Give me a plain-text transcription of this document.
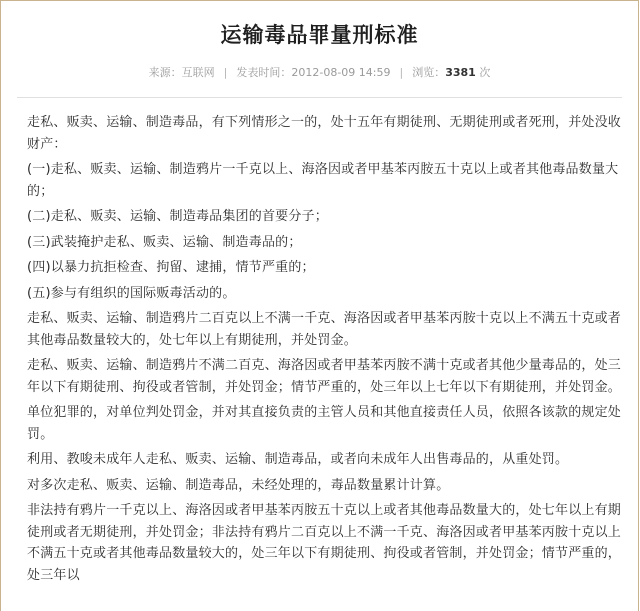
运输毒品罪量刑标准
来源：互联网 | 发表时间：2012-08-09 14:59 | 浏览：3381 次

走私、贩卖、运输、制造毒品，有下列情形之一的，处十五年有期徒刑、无期徒刑或者死刑，并处没收财产：

(一)走私、贩卖、运输、制造鸦片一千克以上、海洛因或者甲基苯丙胺五十克以上或者其他毒品数量大的；

(二)走私、贩卖、运输、制造毒品集团的首要分子；

(三)武装掩护走私、贩卖、运输、制造毒品的；

(四)以暴力抗拒检查、拘留、逮捕，情节严重的；

(五)参与有组织的国际贩毒活动的。

走私、贩卖、运输、制造鸦片二百克以上不满一千克、海洛因或者甲基苯丙胺十克以上不满五十克或者其他毒品数量较大的，处七年以上有期徒刑，并处罚金。

走私、贩卖、运输、制造鸦片不满二百克、海洛因或者甲基苯丙胺不满十克或者其他少量毒品的，处三年以下有期徒刑、拘役或者管制，并处罚金；情节严重的，处三年以上七年以下有期徒刑，并处罚金。

单位犯罪的，对单位判处罚金，并对其直接负责的主管人员和其他直接责任人员，依照各该款的规定处罚。

利用、教唆未成年人走私、贩卖、运输、制造毒品，或者向未成年人出售毒品的，从重处罚。

对多次走私、贩卖、运输、制造毒品，未经处理的，毒品数量累计计算。

非法持有鸦片一千克以上、海洛因或者甲基苯丙胺五十克以上或者其他毒品数量大的，处七年以上有期徒刑或者无期徒刑，并处罚金；非法持有鸦片二百克以上不满一千克、海洛因或者甲基苯丙胺十克以上不满五十克或者其他毒品数量较大的，处三年以下有期徒刑、拘役或者管制，并处罚金；情节严重的，处三年以
